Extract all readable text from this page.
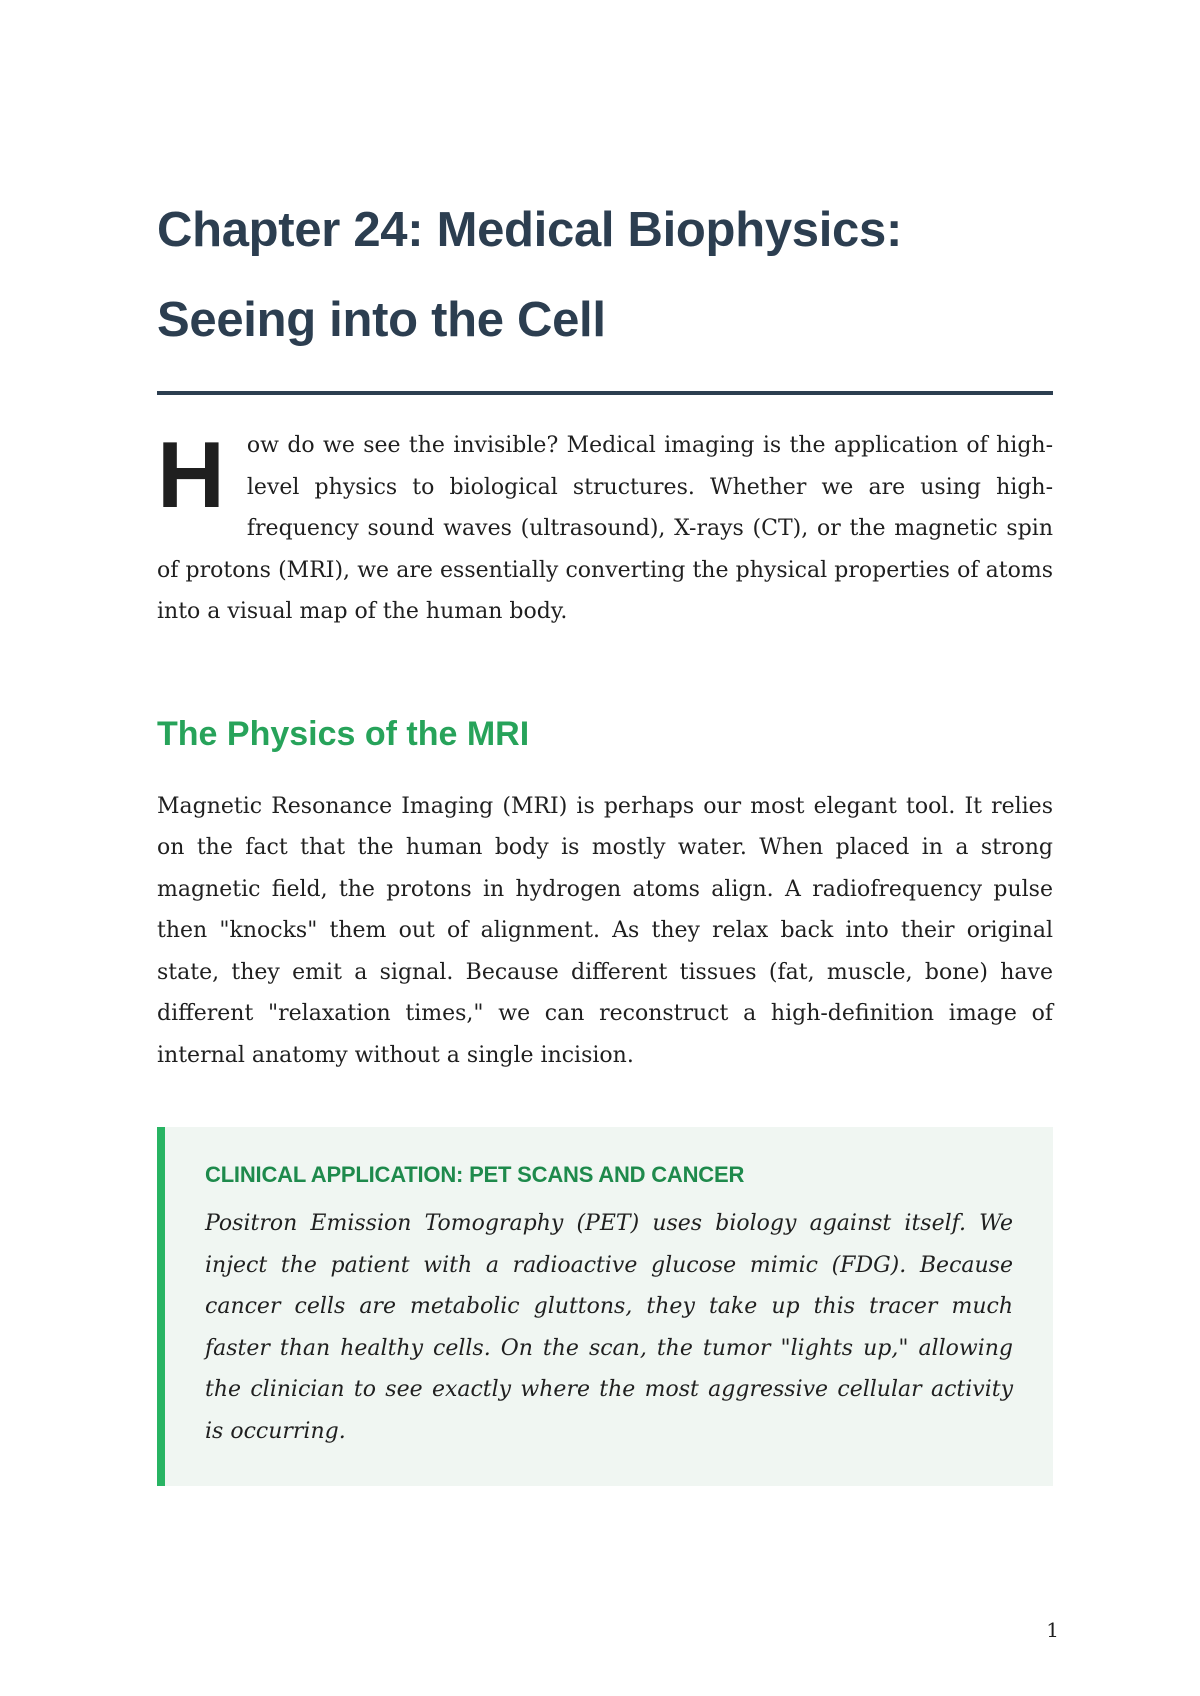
Chapter 24: Medical Biophysics:
Seeing into the Cell
H	ow do we see the invisible? Medical imaging is the application of high-level physics to biological structures. Whether we are using high-frequency sound waves (ultrasound), X-rays (CT), or the magnetic spin of protons (MRI), we are essentially converting the physical properties of atoms into a visual map of the human body.

The Physics of the MRI

Magnetic Resonance Imaging (MRI) is perhaps our most elegant tool. It relies on the fact that the human body is mostly water. When placed in a strong magnetic field, the protons in hydrogen atoms align. A radiofrequency pulse then "knocks" them out of alignment. As they relax back into their original state, they emit a signal. Because different tissues (fat, muscle, bone) have different "relaxation times," we can reconstruct a high-definition image of internal anatomy without a single incision.

CLINICAL APPLICATION: PET SCANS AND CANCER

Positron Emission Tomography (PET) uses biology against itself. We inject the patient with a radioactive glucose mimic (FDG). Because cancer cells are metabolic gluttons, they take up this tracer much faster than healthy cells. On the scan, the tumor "lights up," allowing the clinician to see exactly where the most aggressive cellular activity is occurring.

1
